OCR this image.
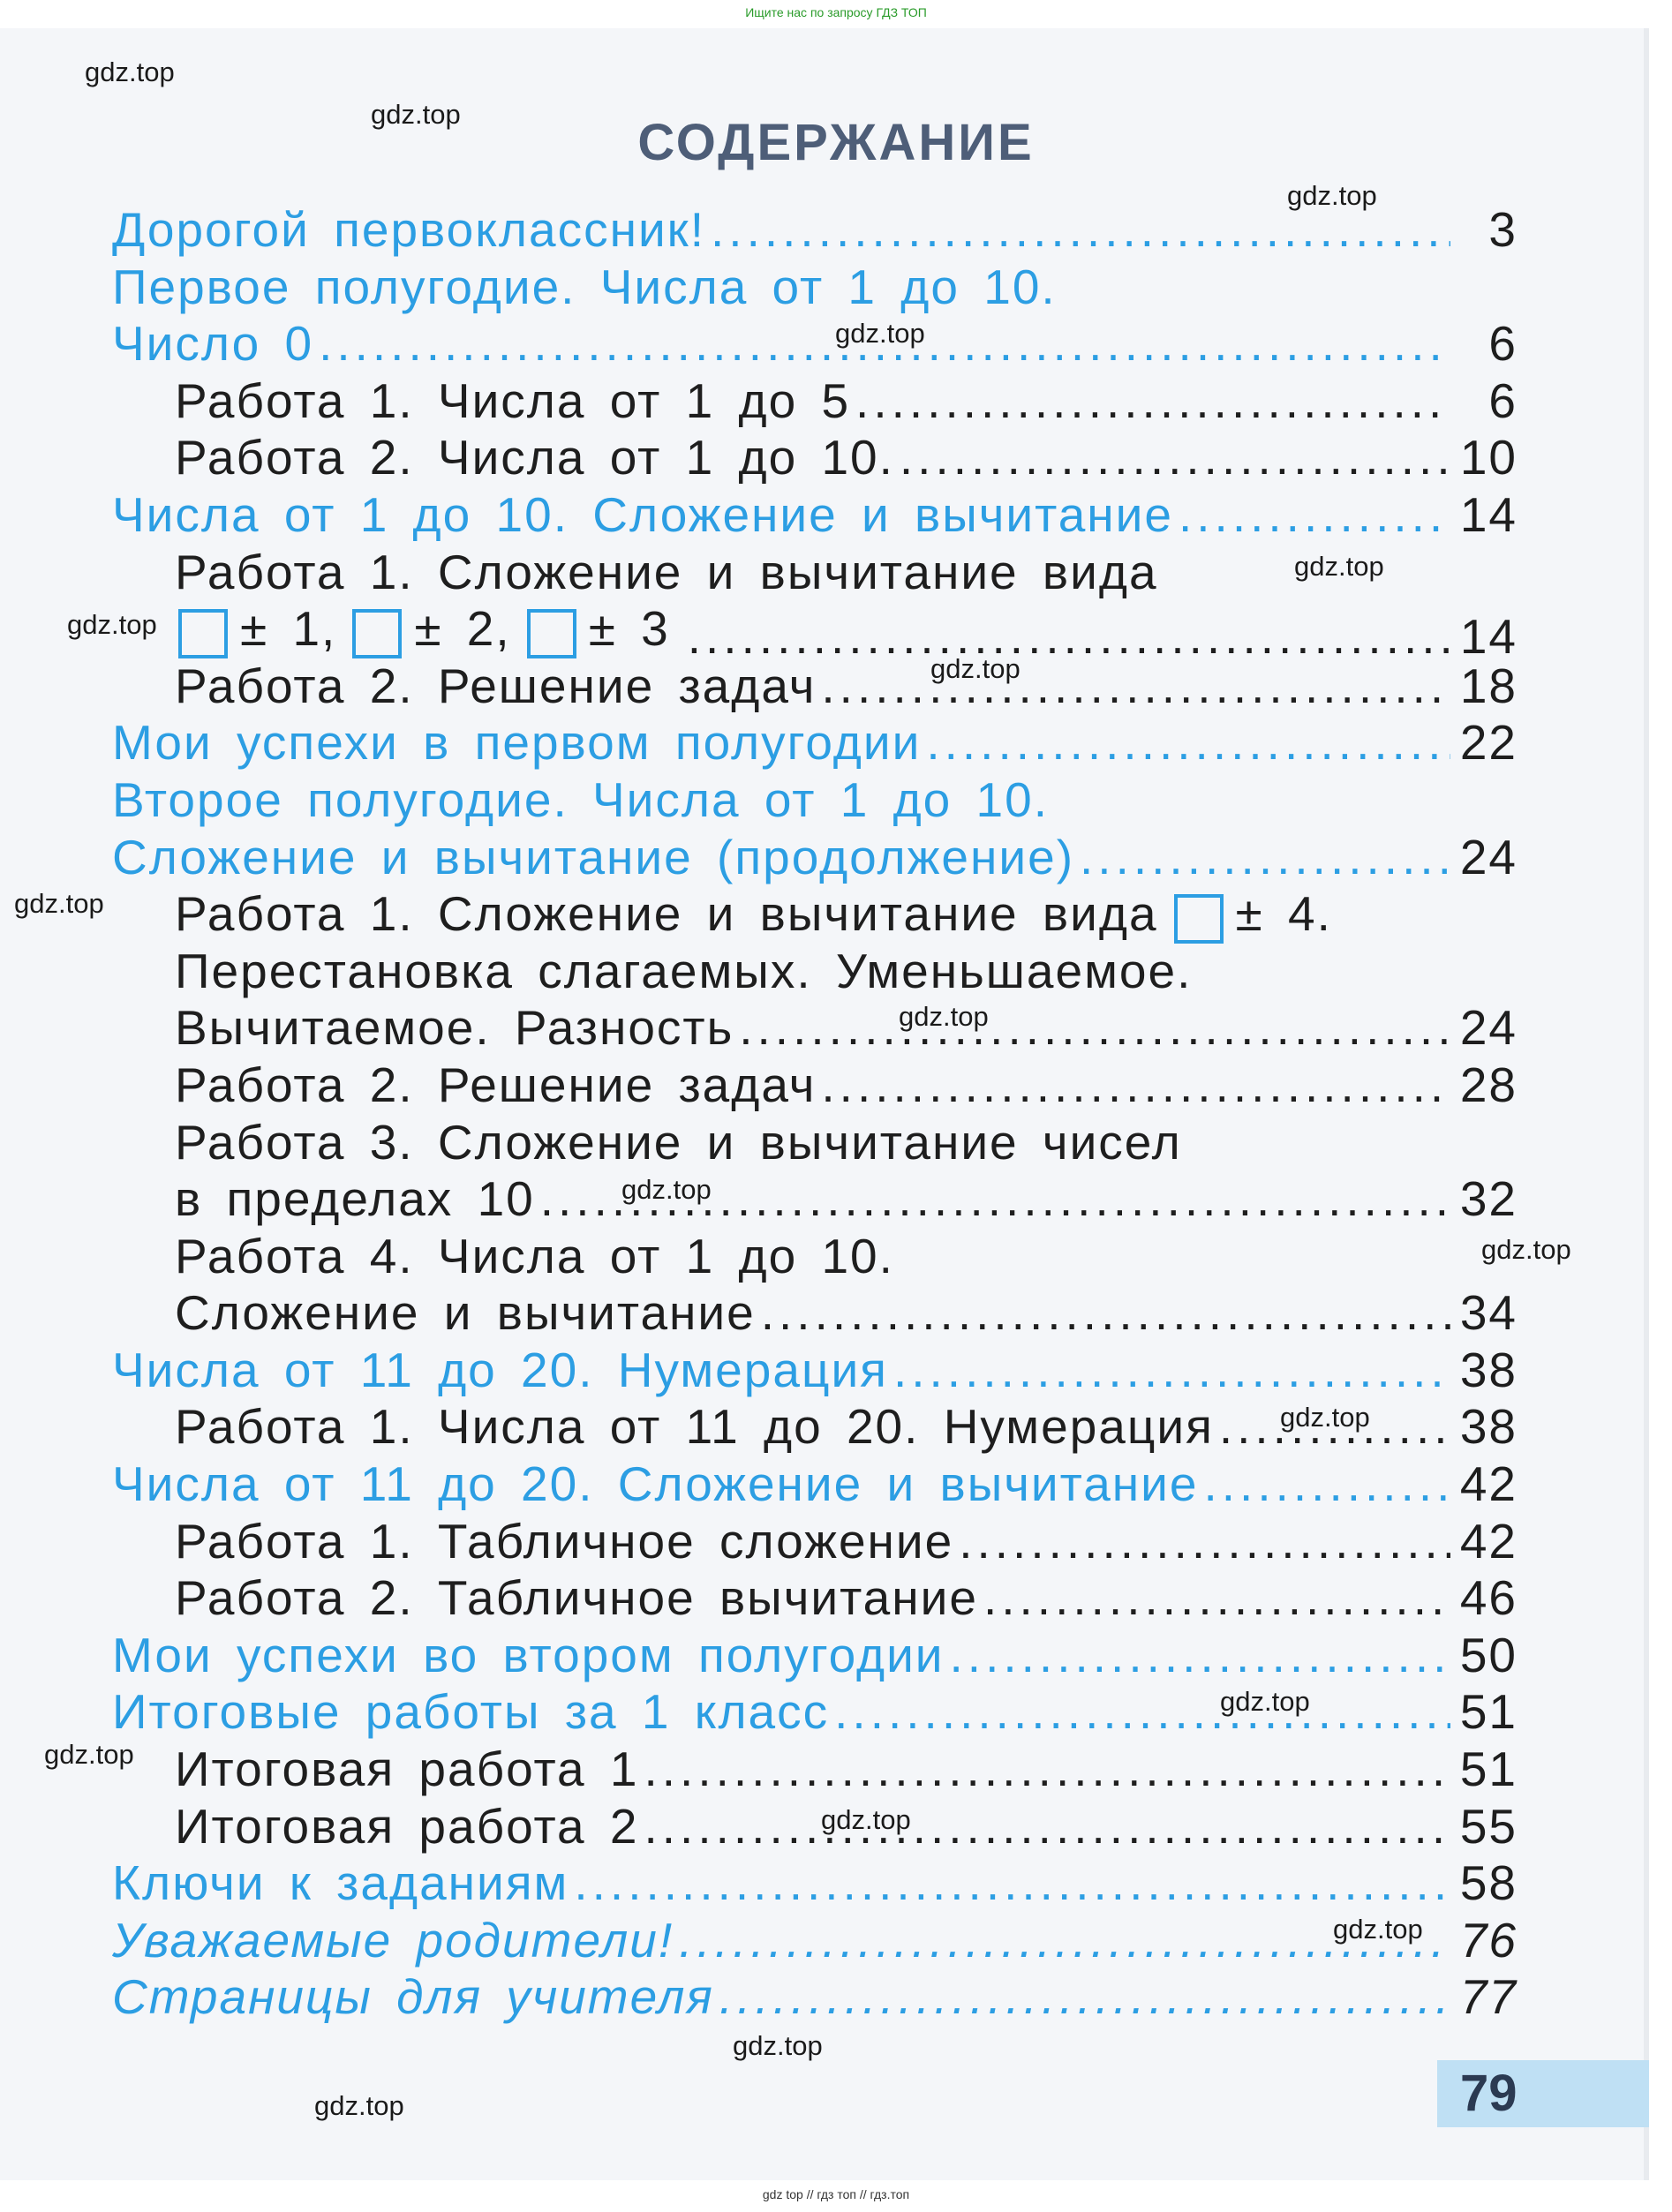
Ищите нас по запросу ГДЗ ТОП
СОДЕРЖАНИЕ
Дорогой первоклассник! .....	3
Первое полугодие. Числа от 1 до 10.
Число 0 .....	6
Работа 1. Числа от 1 до 5 .....	6
Работа 2. Числа от 1 до 10. .....	10
Числа от 1 до 10. Сложение и вычитание .....	14
Работа 1. Сложение и вычитание вида
± 1, ± 2, ± 3 .....	14
Работа 2. Решение задач .....	18
Мои успехи в первом полугодии .....	22
Второе полугодие. Числа от 1 до 10.
Сложение и вычитание (продолжение) .....	24
Работа 1. Сложение и вычитание вида ± 4.
Перестановка слагаемых. Уменьшаемое.
Вычитаемое. Разность .....	24
Работа 2. Решение задач .....	28
Работа 3. Сложение и вычитание чисел
в пределах 10 .....	32
Работа 4. Числа от 1 до 10.
Сложение и вычитание .....	34
Числа от 11 до 20. Нумерация .....	38
Работа 1. Числа от 11 до 20. Нумерация .....	38
Числа от 11 до 20. Сложение и вычитание .....	42
Работа 1. Табличное сложение .....	42
Работа 2. Табличное вычитание .....	46
Мои успехи во втором полугодии .....	50
Итоговые работы за 1 класс .....	51
Итоговая работа 1 .....	51
Итоговая работа 2 .....	55
Ключи к заданиям .....	58
Уважаемые родители! .....	76
Страницы для учителя .....	77
79
gdz.top
gdz.top
gdz.top
gdz.top
gdz.top
gdz.top
gdz.top
gdz.top
gdz.top
gdz.top
gdz.top
gdz.top
gdz.top
gdz.top
gdz.top
gdz.top
gdz.top
gdz.top
gdz top // гдз топ // гдз.топ
